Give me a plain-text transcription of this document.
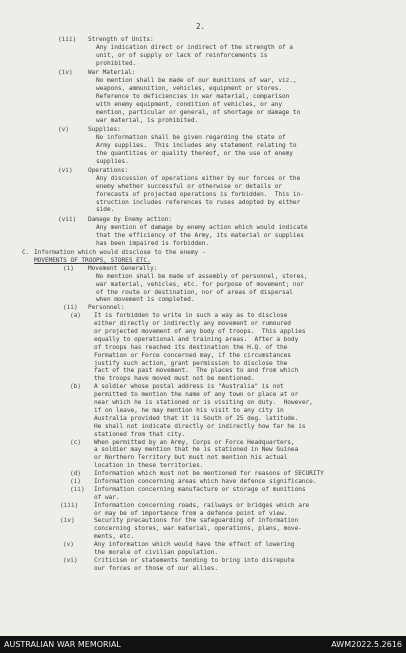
2.
(iii) Strength of Units:
Any indication direct or indirect of the strength of a
unit, or of supply or lack of reinforcements is
prohibited.
(iv)	War Material:
No mention shall be made of our munitions of war, viz.,
weapons, ammunition, vehicles, equipment or stores.
Reference to deficiencies in war material, comparison
with enemy equipment, condition of vehicles, or any
mention, particular or general, of shortage or damage to
war material, is prohibited.
(v)	Supplies:
No information shall be given regarding the state of
Army supplies.  This includes any statement relating to
the quantities or quality thereof, or the use of enemy
supplies.
(vi)	Operations:
Any discussion of operations either by our forces or the
enemy whether successful or otherwise or details or
forecasts of projected operations is forbidden.  This in-
struction includes references to ruses adopted by either
side.
(vii) Damage by Enemy action:
Any mention of damage by enemy action which would indicate
that the efficiency of the Army, its material or supplies
has been impaired is forbidden.
C. Information which would disclose to the enemy -
MOVEMENTS OF TROOPS, STORES ETC.
(i) Movement Generally:
No mention shall be made of assembly of personnel, stores,
war material, vehicles, etc. for purpose of movement; nor
of the route or destination, nor of areas of dispersal
when movement is completed.
(ii) Personnel:
(a) It is forbidden to write in such a way as to disclose
either directly or indirectly any movement or rumoured
or projected movement of any body of troops.  This applies
equally to operational and training areas.  After a body
of troops has reached its destination the H.Q. of the
Formation or Force concerned may, if the circumstances
justify such action, grant permission to disclose the
fact of the past movement.  The places to and from which
the troops have moved must not be mentioned.
(b) A soldier whose postal address is "Australia" is not
permitted to mention the name of any town or place at or
near which he is stationed or is visiting on duty.  However,
if on leave, he may mention his visit to any city in
Australia provided that it is South of 25 deg. latitude.
He shall not indicate directly or indirectly how far he is
stationed from that city.
(c) When permitted by an Army, Corps or Force Headquarters,
a soldier may mention that he is stationed in New Guinea
or Northern Territory but must not mention his actual
location in these territories.
(d) Information which must not be mentioned for reasons of SECURITY
(i) Information concerning areas which have defence significance.
(ii) Information concerning manufacture or storage of munitions
of war.
(iii)	Information concerning roads, railways or bridges which are
or may be of importance from a defence point of view.
(iv)	Security precautions for the safeguarding of information
concerning stores, war material, operations, plans, move-
ments, etc.
(v)	Any information which would have the effect of lowering
the morale of civilian population.
(vi)	Criticism or statements tending to bring into disrepute
our forces or those of our allies.
AUSTRALIAN WAR MEMORIAL	AWM2022.5.2616
